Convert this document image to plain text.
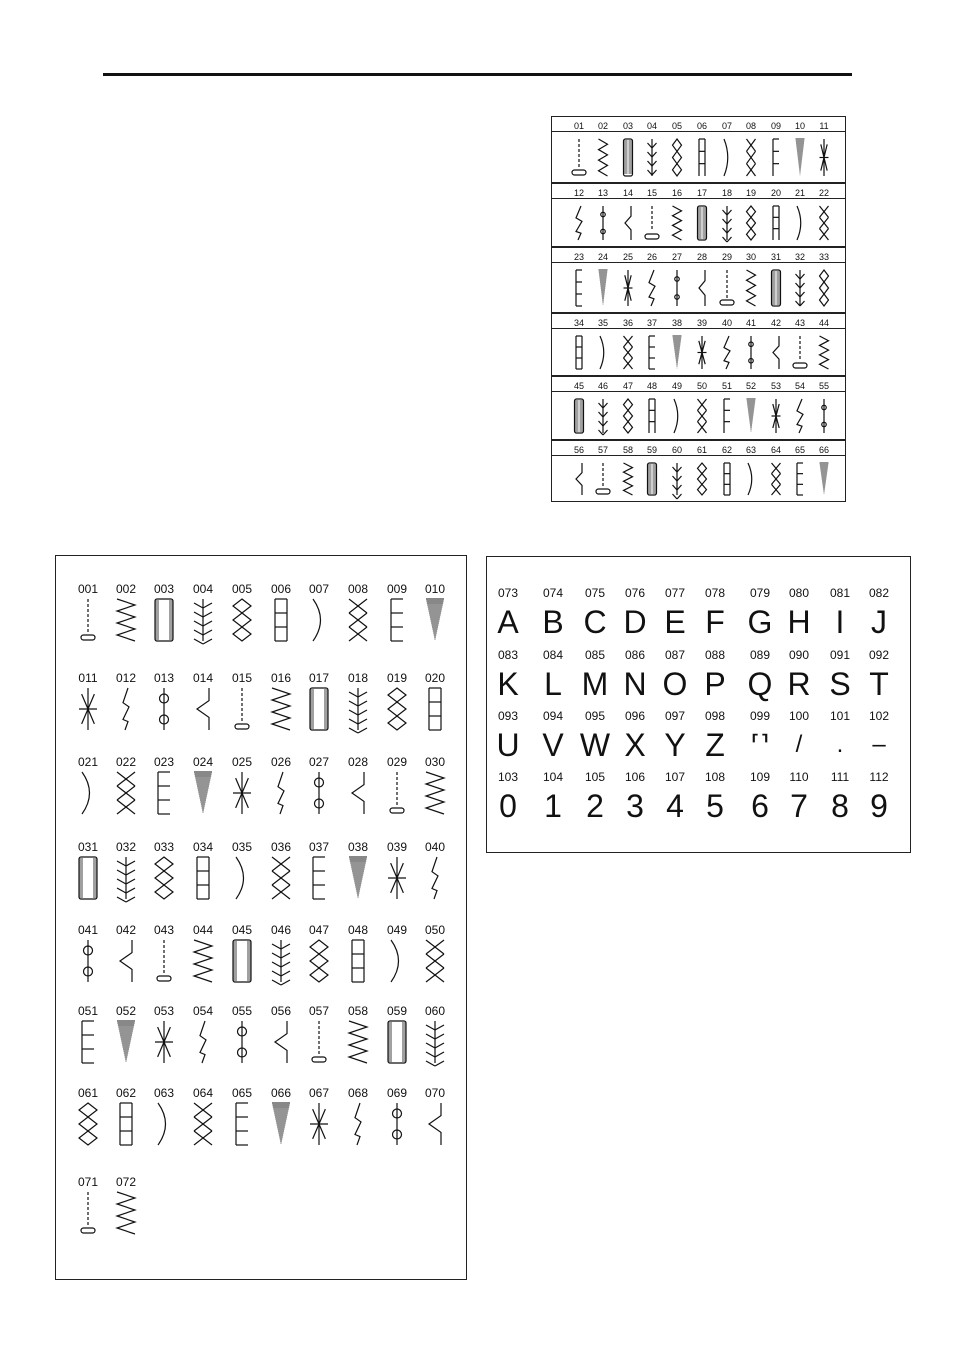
01	02	03	04	05	06	07	08	09	10	11
12	13	14	15	16	17	18	19	20	21	22
23	24	25	26	27	28	29	30	31	32	33
34	35	36	37	38	39	40	41	42	43	44
45	46	47	48	49	50	51	52	53	54	55
56	57	58	59	60	61	62	63	64	65	66
001	002	003	004	005	006	007	008	009	010
011	012	013	014	015	016	017	018	019	020
021	022	023	024	025	026	027	028	029	030
031	032	033	034	035	036	037	038	039	040
041	042	043	044	045	046	047	048	049	050
051	052	053	054	055	056	057	058	059	060
061	062	063	064	065	066	067	068	069	070
071	072
073	074	075	076	077	078	079	080	081	082
A B C D E F G H I J
083	084	085	086	087	088	089	090	091	092
K L M N O P Q R S T
093	094	095	096	097	098	099	100	101	102
U V W X Y Z	⸢⸣	/	.	–
103	104	105	106	107	108	109	110	111	112
0 1 2 3 4 5 6 7 8 9
